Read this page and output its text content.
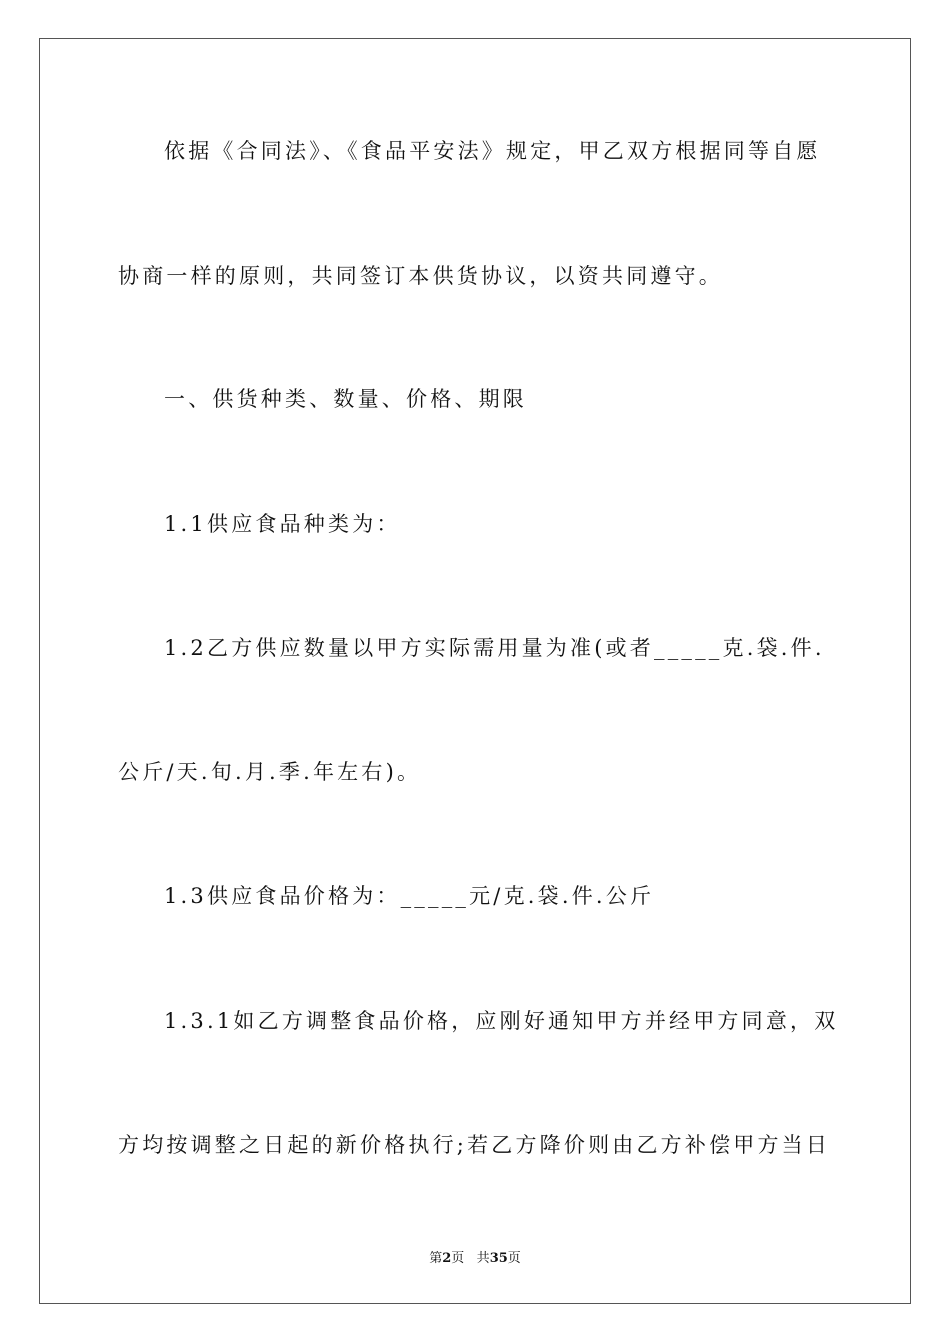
依据《合同法》、《食品平安法》规定，甲乙双方根据同等自愿
协商一样的原则，共同签订本供货协议，以资共同遵守。
一、供货种类、数量、价格、期限
1.1供应食品种类为：
1.2乙方供应数量以甲方实际需用量为准(或者_____克.袋.件.
公斤/天.旬.月.季.年左右)。
1.3供应食品价格为：_____元/克.袋.件.公斤
1.3.1如乙方调整食品价格，应刚好通知甲方并经甲方同意，双
方均按调整之日起的新价格执行;若乙方降价则由乙方补偿甲方当日
第2页 共35页
